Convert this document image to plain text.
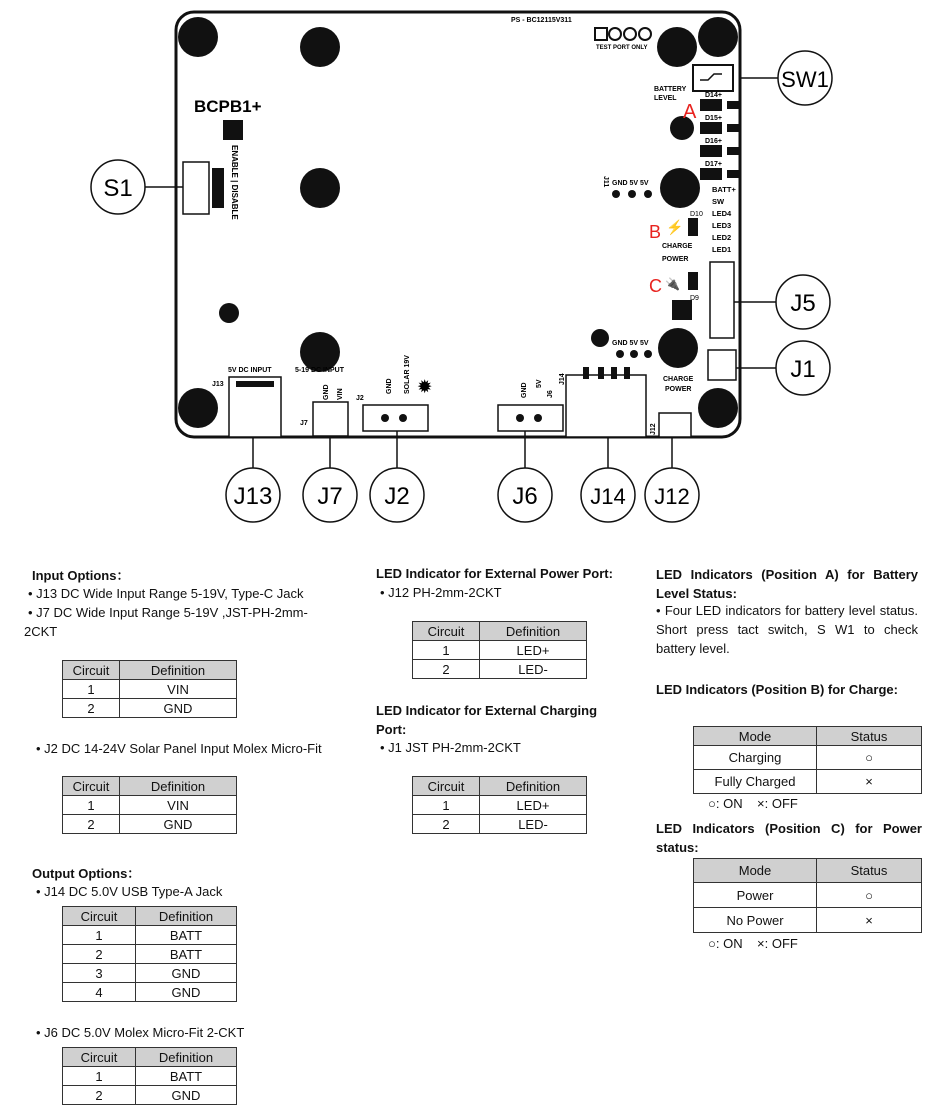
BCPB1+
PS - BC12115V311
TEST PORT ONLY
BATTERY
LEVEL	D14+
D15+
D16+
D17+
BATT+
SW
LED4
LED3
LED2
LED1
J11 GND 5V 5V
A
B
C
⚡
D10
CHARGE
POWER
🔌
D9
GND 5V 5V
ENABLE | DISABLE
5V DC INPUT
J13
5-19 DC INPUT
J7
GND VIN J2
GND SOLAR 19V ✹	GND 5V
J6
J14	CHARGE
POWER
J12
S1
SW1
J5
J1
J13 J7 J2	J6 J14 J12
Input Options：
• J13 DC Wide Input Range 5-19V, Type-C Jack
• J7 DC Wide Input Range 5-19V ,JST-PH-2mm-
2CKT
Circuit	Definition
1	VIN
2	GND
• J2 DC 14-24V Solar Panel Input Molex Micro-Fit
Circuit	Definition
1	VIN
2	GND
Output Options：
• J14 DC 5.0V USB Type-A Jack
Circuit	Definition
1	BATT
2	BATT
3	GND
4	GND
• J6 DC 5.0V Molex Micro-Fit 2-CKT
Circuit	Definition
1	BATT
2	GND
LED Indicator for External Power Port:
• J12 PH-2mm-2CKT
Circuit	Definition
1	LED+
2	LED-
LED Indicator for External Charging Port:
• J1 JST PH-2mm-2CKT
Circuit	Definition
1	LED+
2	LED-
LED Indicators (Position A) for Battery Level Status:
• Four LED indicators for battery level status. Short press tact switch, S W1 to check battery level.
LED Indicators (Position B) for Charge:
Mode	Status
Charging	○
Fully Charged	×
○: ON    ×: OFF
LED Indicators (Position C) for Power status:
Mode	Status
Power	○
No Power	×
○: ON    ×: OFF
